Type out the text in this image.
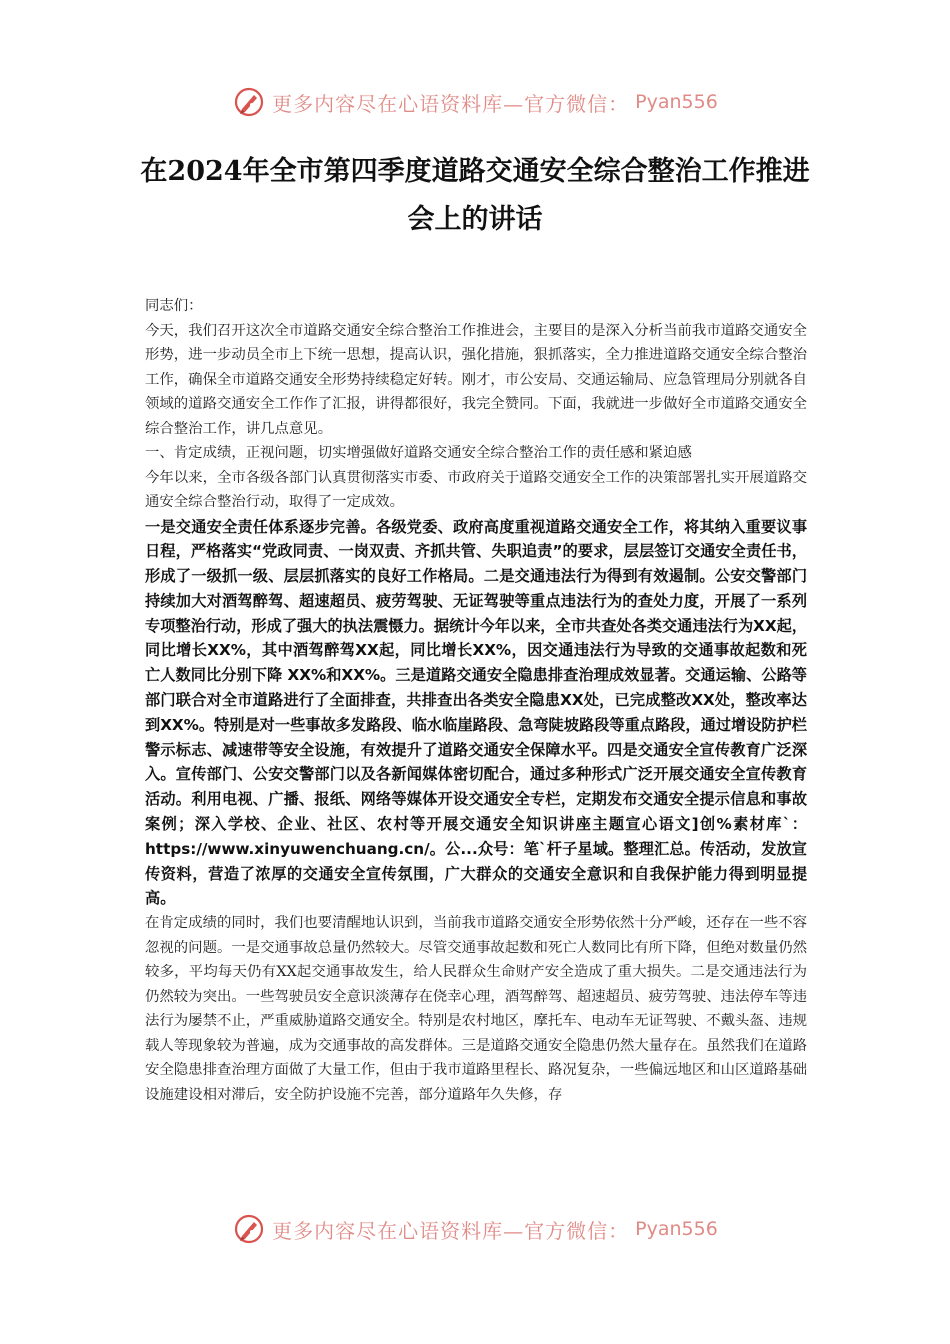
更多内容尽在心语资料库—官方微信： Pyan556
在2024年全市第四季度道路交通安全综合整治工作推进会上的讲话

同志们：

今天，我们召开这次全市道路交通安全综合整治工作推进会，主要目的是深入分析当前我市道路交通安全形势，进一步动员全市上下统一思想，提高认识，强化措施，狠抓落实，全力推进道路交通安全综合整治工作，确保全市道路交通安全形势持续稳定好转。刚才，市公安局、交通运输局、应急管理局分别就各自领域的道路交通安全工作作了汇报，讲得都很好，我完全赞同。下面，我就进一步做好全市道路交通安全综合整治工作，讲几点意见。

一、肯定成绩，正视问题，切实增强做好道路交通安全综合整治工作的责任感和紧迫感

今年以来，全市各级各部门认真贯彻落实市委、市政府关于道路交通安全工作的决策部署扎实开展道路交通安全综合整治行动，取得了一定成效。

一是交通安全责任体系逐步完善。各级党委、政府高度重视道路交通安全工作，将其纳入重要议事日程，严格落实“党政同责、一岗双责、齐抓共管、失职追责”的要求，层层签订交通安全责任书，形成了一级抓一级、层层抓落实的良好工作格局。二是交通违法行为得到有效遏制。公安交警部门持续加大对酒驾醉驾、超速超员、疲劳驾驶、无证驾驶等重点违法行为的查处力度，开展了一系列专项整治行动，形成了强大的执法震慑力。据统计今年以来，全市共查处各类交通违法行为XX起，同比增长XX%，其中酒驾醉驾XX起，同比增长XX%，因交通违法行为导致的交通事故起数和死亡人数同比分别下降 XX%和XX%。三是道路交通安全隐患排查治理成效显著。交通运输、公路等部门联合对全市道路进行了全面排查，共排查出各类安全隐患XX处，已完成整改XX处，整改率达到XX%。特别是对一些事故多发路段、临水临崖路段、急弯陡坡路段等重点路段，通过增设防护栏警示标志、减速带等安全设施，有效提升了道路交通安全保障水平。四是交通安全宣传教育广泛深入。宣传部门、公安交警部门以及各新闻媒体密切配合，通过多种形式广泛开展交通安全宣传教育活动。利用电视、广播、报纸、网络等媒体开设交通安全专栏，定期发布交通安全提示信息和事故案例；深入学校、企业、社区、农村等开展交通安全知识讲座主题宣心语文]创%素材库`：https://www.xinyuwenchuang.cn/。公...众号：笔`杆子星域。整理汇总。传活动，发放宣传资料，营造了浓厚的交通安全宣传氛围，广大群众的交通安全意识和自我保护能力得到明显提高。

在肯定成绩的同时，我们也要清醒地认识到，当前我市道路交通安全形势依然十分严峻，还存在一些不容忽视的问题。一是交通事故总量仍然较大。尽管交通事故起数和死亡人数同比有所下降，但绝对数量仍然较多，平均每天仍有XX起交通事故发生，给人民群众生命财产安全造成了重大损失。二是交通违法行为仍然较为突出。一些驾驶员安全意识淡薄存在侥幸心理，酒驾醉驾、超速超员、疲劳驾驶、违法停车等违法行为屡禁不止，严重威胁道路交通安全。特别是农村地区，摩托车、电动车无证驾驶、不戴头盔、违规载人等现象较为普遍，成为交通事故的高发群体。三是道路交通安全隐患仍然大量存在。虽然我们在道路安全隐患排查治理方面做了大量工作，但由于我市道路里程长、路况复杂，一些偏远地区和山区道路基础设施建设相对滞后，安全防护设施不完善，部分道路年久失修，存

更多内容尽在心语资料库—官方微信： Pyan556
